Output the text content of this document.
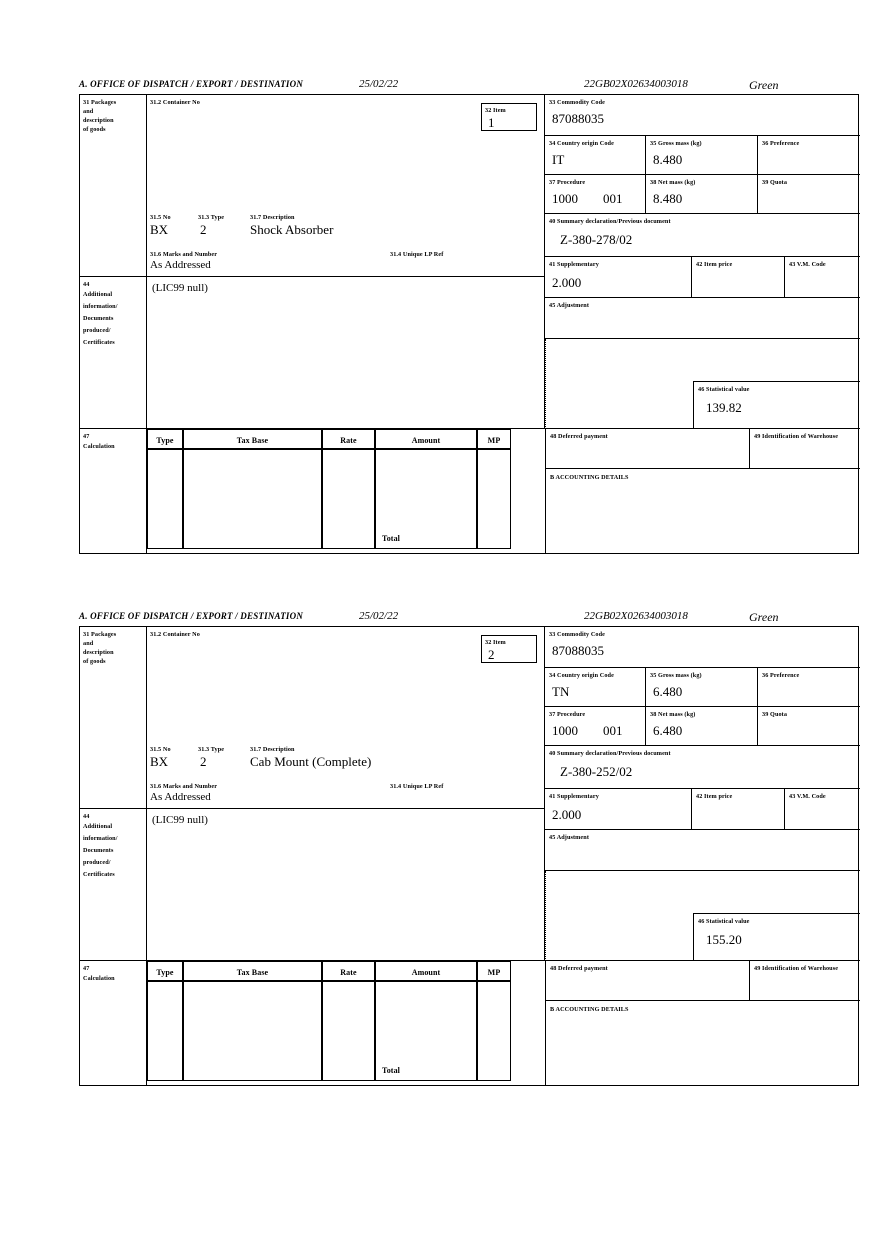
A. OFFICE OF DISPATCH / EXPORT / DESTINATION	25/02/22	22GB02X02634003018	Green
31 Packages
and
description
of goods
31.2 Container No
31.5 No	31.3 Type	31.7 Description
BX 2	Shock Absorber
31.6 Marks and Number	31.4 Unique LP Ref
As Addressed
32 Item
1
33 Commodity Code
87088035
34 Country origin Code
IT
35 Gross mass (kg)
8.480
36 Preference
37 Procedure
1000 001
38 Net mass (kg)
8.480
39 Quota
40 Summary declaration/Previous document
Z-380-278/02
41 Supplementary
2.000
42 Item price	43 V.M. Code
44
Additional
information/
Documents
produced/
Certificates
(LIC99 null)
45 Adjustment
46 Statistical value
139.82
47
Calculation
Type	Tax Base	Rate	Amount	MP
Total
48 Deferred payment	49 Identification of Warehouse
B ACCOUNTING DETAILS
A. OFFICE OF DISPATCH / EXPORT / DESTINATION	25/02/22	22GB02X02634003018	Green
31 Packages
and
description
of goods
31.2 Container No
31.5 No	31.3 Type	31.7 Description
BX 2	Cab Mount (Complete)
31.6 Marks and Number	31.4 Unique LP Ref
As Addressed
32 Item
2
33 Commodity Code
87088035
34 Country origin Code
TN
35 Gross mass (kg)
6.480
36 Preference
37 Procedure
1000 001
38 Net mass (kg)
6.480
39 Quota
40 Summary declaration/Previous document
Z-380-252/02
41 Supplementary
2.000
42 Item price	43 V.M. Code
44
Additional
information/
Documents
produced/
Certificates
(LIC99 null)
45 Adjustment
46 Statistical value
155.20
47
Calculation
Type	Tax Base	Rate	Amount	MP
Total
48 Deferred payment	49 Identification of Warehouse
B ACCOUNTING DETAILS
